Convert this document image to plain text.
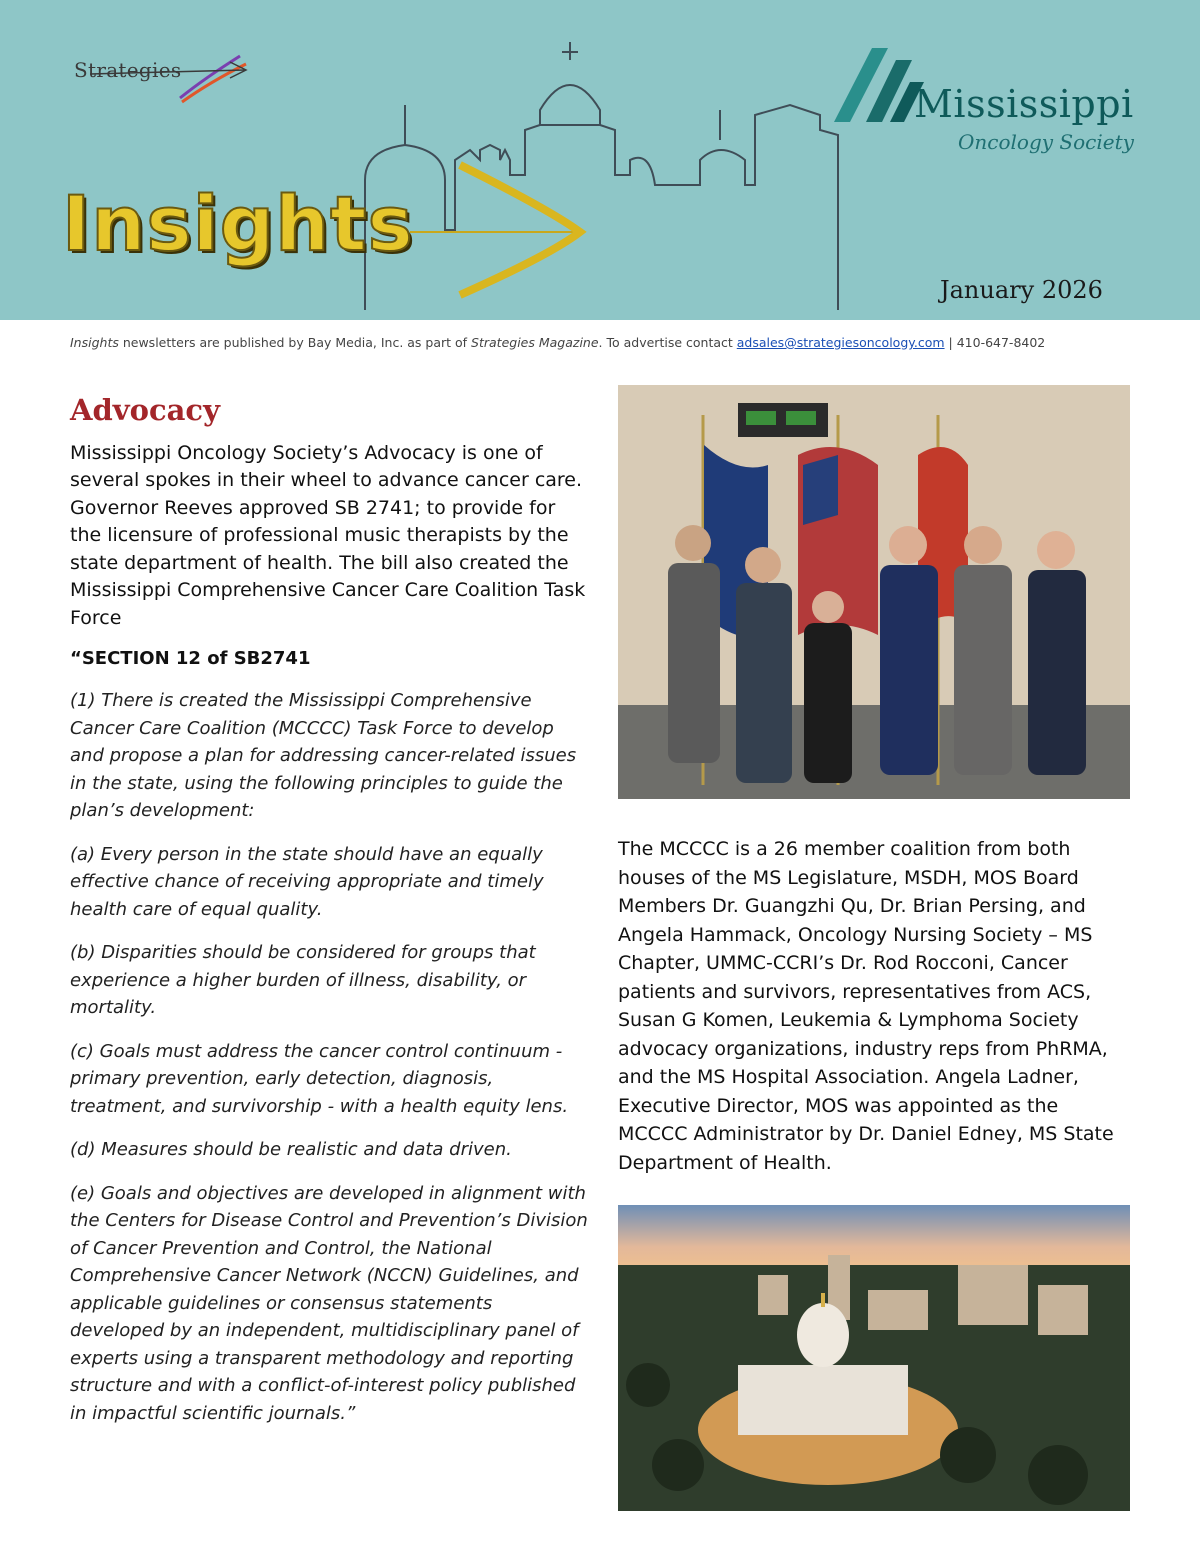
Strategies
Insights
Mississippi
Oncology Society
January 2026
Insights newsletters are published by Bay Media, Inc. as part of Strategies Magazine. To advertise contact adsales@strategiesoncology.com | 410-647-8402
Advocacy

Mississippi Oncology Society’s Advocacy is one of several spokes in their wheel to advance cancer care. Governor Reeves approved SB 2741; to provide for the licensure of professional music therapists by the state department of health. The bill also created the Mississippi Comprehensive Cancer Care Coalition Task Force

“SECTION 12 of SB2741

(1) There is created the Mississippi Comprehensive Cancer Care Coalition (MCCCC) Task Force to develop and propose a plan for addressing cancer-related issues in the state, using the following principles to guide the plan’s development:

(a) Every person in the state should have an equally effective chance of receiving appropriate and timely health care of equal quality.

(b) Disparities should be considered for groups that experience a higher burden of illness, disability, or mortality.

(c) Goals must address the cancer control continuum - primary prevention, early detection, diagnosis, treatment, and survivorship - with a health equity lens.

(d) Measures should be realistic and data driven.

(e) Goals and objectives are developed in alignment with the Centers for Disease Control and Prevention’s Division of Cancer Prevention and Control, the National Comprehensive Cancer Network (NCCN) Guidelines, and applicable guidelines or consensus statements developed by an independent, multidisciplinary panel of experts using a transparent methodology and reporting structure and with a conflict-of-interest policy published in impactful scientific journals.”

The MCCCC is a 26 member coalition from both houses of the MS Legislature, MSDH, MOS Board Members Dr. Guangzhi Qu, Dr. Brian Persing, and Angela Hammack, Oncology Nursing Society – MS Chapter, UMMC-CCRI’s Dr. Rod Rocconi, Cancer patients and survivors, representatives from ACS, Susan G Komen, Leukemia & Lymphoma Society advocacy organizations, industry reps from PhRMA, and the MS Hospital Association. Angela Ladner, Executive Director, MOS was appointed as the MCCCC Administrator by Dr. Daniel Edney, MS State Department of Health.
